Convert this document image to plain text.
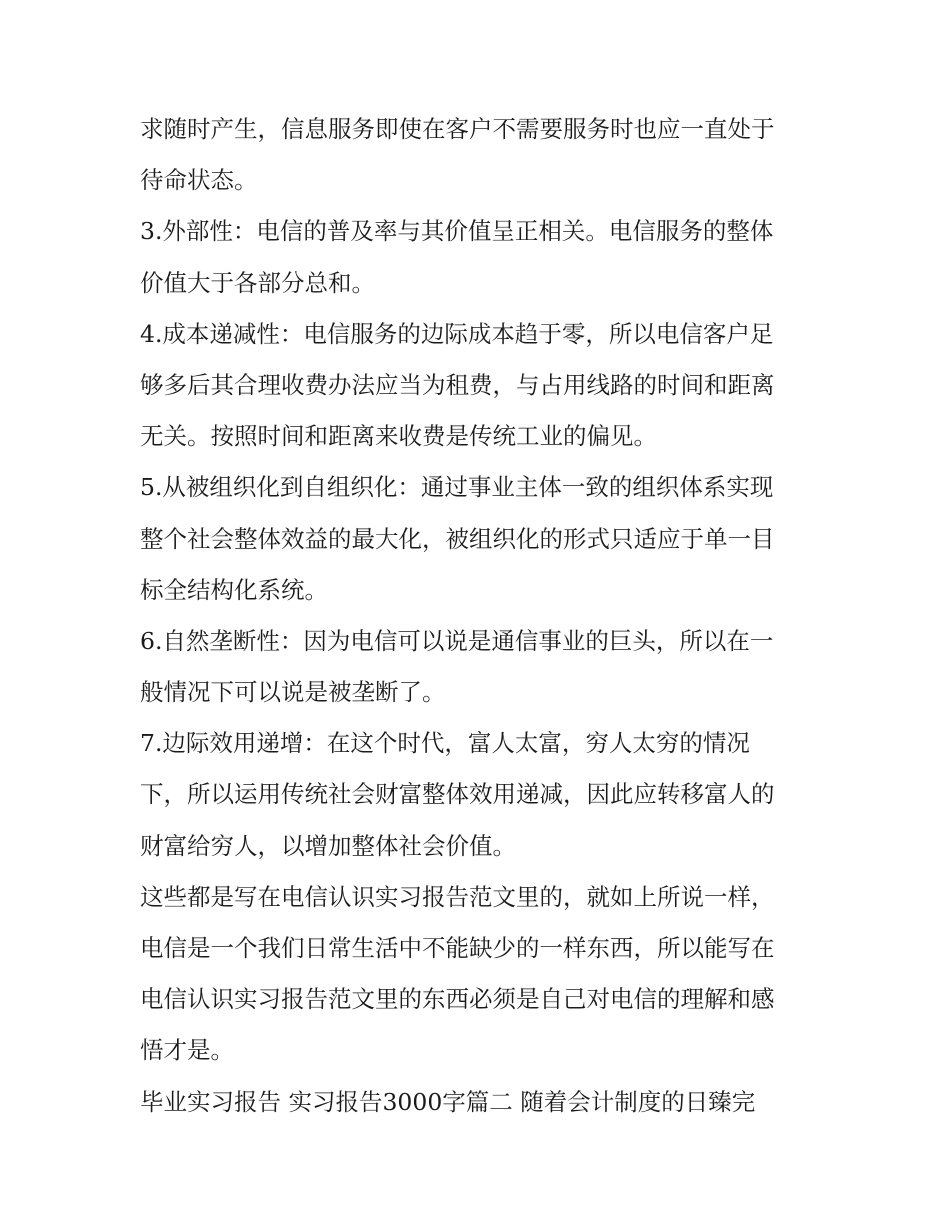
求随时产生，信息服务即使在客户不需要服务时也应一直处于
待命状态。
3.外部性：电信的普及率与其价值呈正相关。电信服务的整体
价值大于各部分总和。
4.成本递减性：电信服务的边际成本趋于零，所以电信客户足
够多后其合理收费办法应当为租费，与占用线路的时间和距离
无关。按照时间和距离来收费是传统工业的偏见。
5.从被组织化到自组织化：通过事业主体一致的组织体系实现
整个社会整体效益的最大化，被组织化的形式只适应于单一目
标全结构化系统。
6.自然垄断性：因为电信可以说是通信事业的巨头，所以在一
般情况下可以说是被垄断了。
7.边际效用递增：在这个时代，富人太富，穷人太穷的情况
下，所以运用传统社会财富整体效用递减，因此应转移富人的
财富给穷人，以增加整体社会价值。
这些都是写在电信认识实习报告范文里的，就如上所说一样，
电信是一个我们日常生活中不能缺少的一样东西，所以能写在
电信认识实习报告范文里的东西必须是自己对电信的理解和感
悟才是。
毕业实习报告 实习报告3000字篇二 随着会计制度的日臻完
